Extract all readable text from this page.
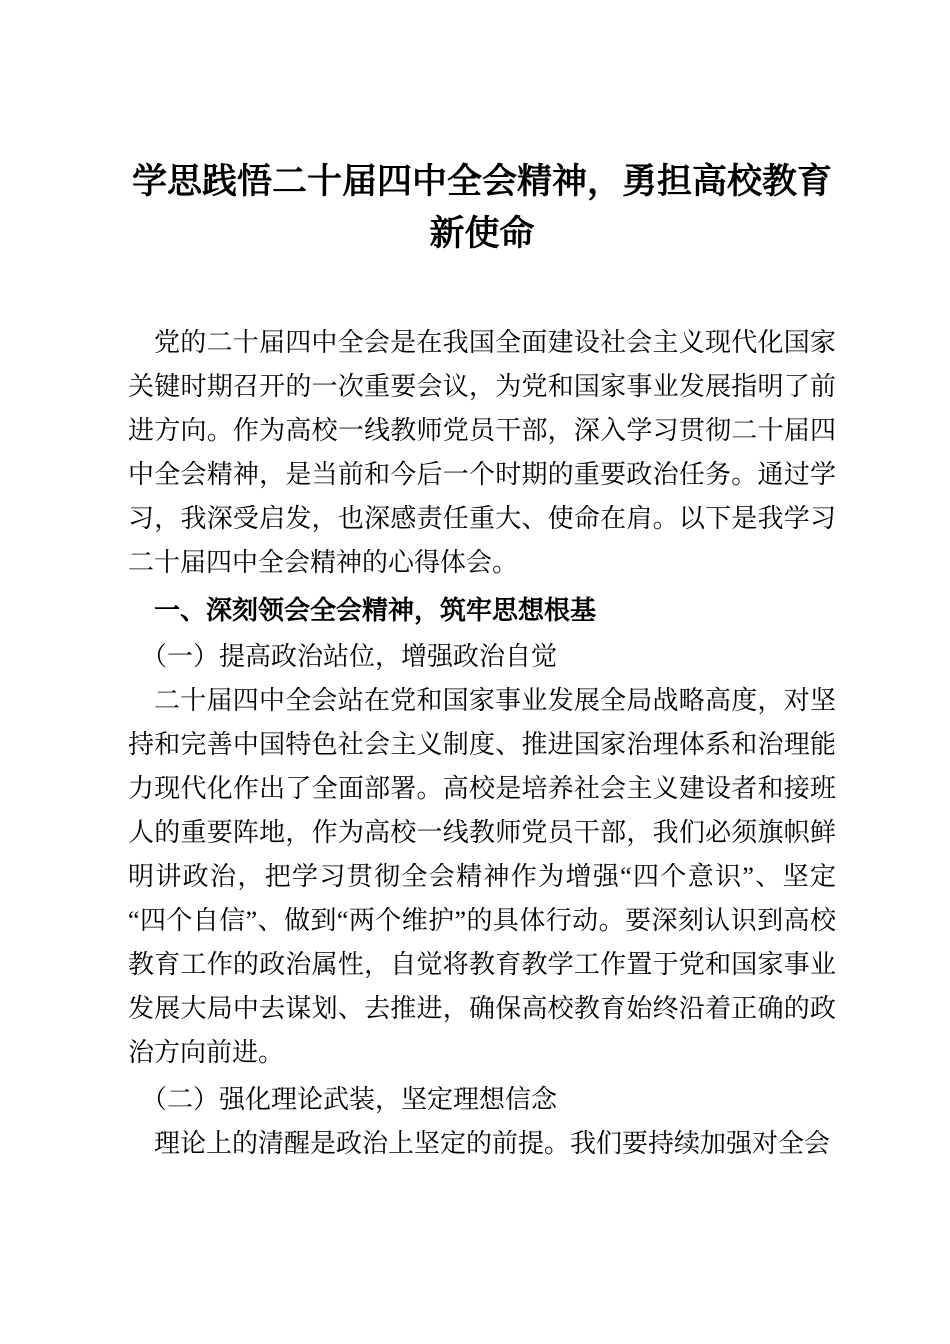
学思践悟二十届四中全会精神，勇担高校教育新使命

党的二十届四中全会是在我国全面建设社会主义现代化国家关键时期召开的一次重要会议，为党和国家事业发展指明了前进方向。作为高校一线教师党员干部，深入学习贯彻二十届四中全会精神，是当前和今后一个时期的重要政治任务。通过学习，我深受启发，也深感责任重大、使命在肩。以下是我学习二十届四中全会精神的心得体会。

一、深刻领会全会精神，筑牢思想根基

（一）提高政治站位，增强政治自觉

二十届四中全会站在党和国家事业发展全局战略高度，对坚持和完善中国特色社会主义制度、推进国家治理体系和治理能力现代化作出了全面部署。高校是培养社会主义建设者和接班人的重要阵地，作为高校一线教师党员干部，我们必须旗帜鲜明讲政治，把学习贯彻全会精神作为增强“四个意识”、坚定“四个自信”、做到“两个维护”的具体行动。要深刻认识到高校教育工作的政治属性，自觉将教育教学工作置于党和国家事业发展大局中去谋划、去推进，确保高校教育始终沿着正确的政治方向前进。

（二）强化理论武装，坚定理想信念

理论上的清醒是政治上坚定的前提。我们要持续加强对全会
